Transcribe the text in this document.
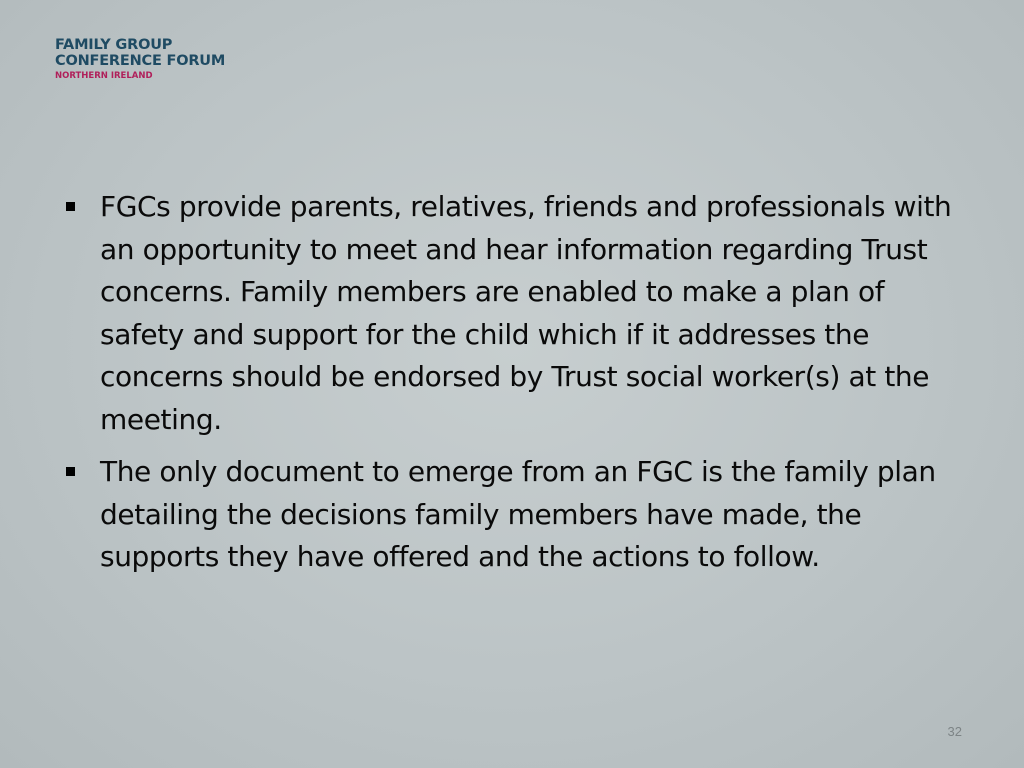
FAMILY GROUP
CONFERENCE FORUM
NORTHERN IRELAND
FGCs provide parents, relatives, friends and professionals with an opportunity to meet and hear information regarding Trust concerns. Family members are enabled to make a plan of safety and support for the child which if it addresses the concerns should be endorsed by Trust social worker(s) at the meeting.
The only document to emerge from an FGC is the family plan detailing the decisions family members have made, the supports they have offered and the actions to follow.
32
